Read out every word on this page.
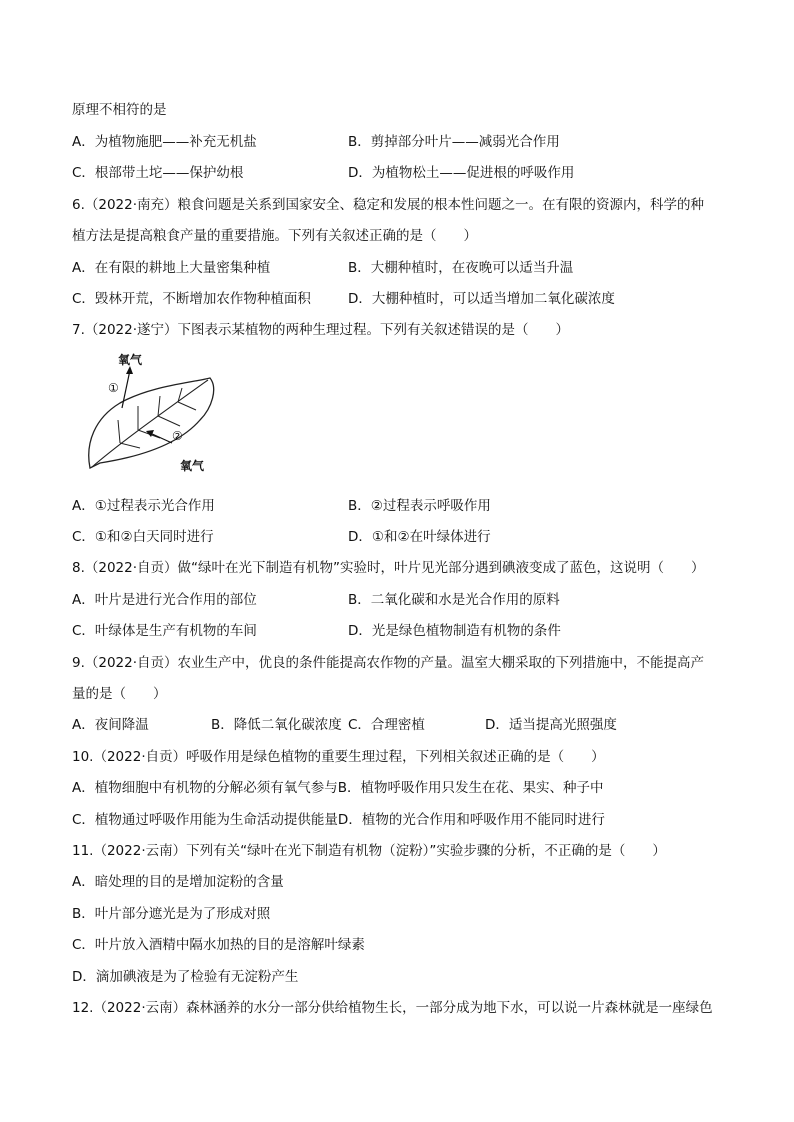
原理不相符的是
A．为植物施肥——补充无机盐	B．剪掉部分叶片——减弱光合作用
C．根部带土坨——保护幼根	D．为植物松土——促进根的呼吸作用
6.（2022·南充）粮食问题是关系到国家安全、稳定和发展的根本性问题之一。在有限的资源内，科学的种
植方法是提高粮食产量的重要措施。下列有关叙述正确的是（　　）
A．在有限的耕地上大量密集种植	B．大棚种植时，在夜晚可以适当升温
C．毁林开荒，不断增加农作物种植面积	D．大棚种植时，可以适当增加二氧化碳浓度
7.（2022·遂宁）下图表示某植物的两种生理过程。下列有关叙述错误的是（　　）
氧气
①
②
氧气
A．①过程表示光合作用	B．②过程表示呼吸作用
C．①和②白天同时进行	D．①和②在叶绿体进行
8.（2022·自贡）做“绿叶在光下制造有机物”实验时，叶片见光部分遇到碘液变成了蓝色，这说明（　　）
A．叶片是进行光合作用的部位	B．二氧化碳和水是光合作用的原料
C．叶绿体是生产有机物的车间	D．光是绿色植物制造有机物的条件
9.（2022·自贡）农业生产中，优良的条件能提高农作物的产量。温室大棚采取的下列措施中，不能提高产
量的是（　　）
A．夜间降温	B．降低二氧化碳浓度 C．合理密植	D．适当提高光照强度
10.（2022·自贡）呼吸作用是绿色植物的重要生理过程，下列相关叙述正确的是（　　）
A．植物细胞中有机物的分解必须有氧气参与B．植物呼吸作用只发生在花、果实、种子中
C．植物通过呼吸作用能为生命活动提供能量D．植物的光合作用和呼吸作用不能同时进行
11.（2022·云南）下列有关“绿叶在光下制造有机物（淀粉）”实验步骤的分析，不正确的是（　　）
A．暗处理的目的是增加淀粉的含量
B．叶片部分遮光是为了形成对照
C．叶片放入酒精中隔水加热的目的是溶解叶绿素
D．滴加碘液是为了检验有无淀粉产生
12.（2022·云南）森林涵养的水分一部分供给植物生长，一部分成为地下水，可以说一片森林就是一座绿色
